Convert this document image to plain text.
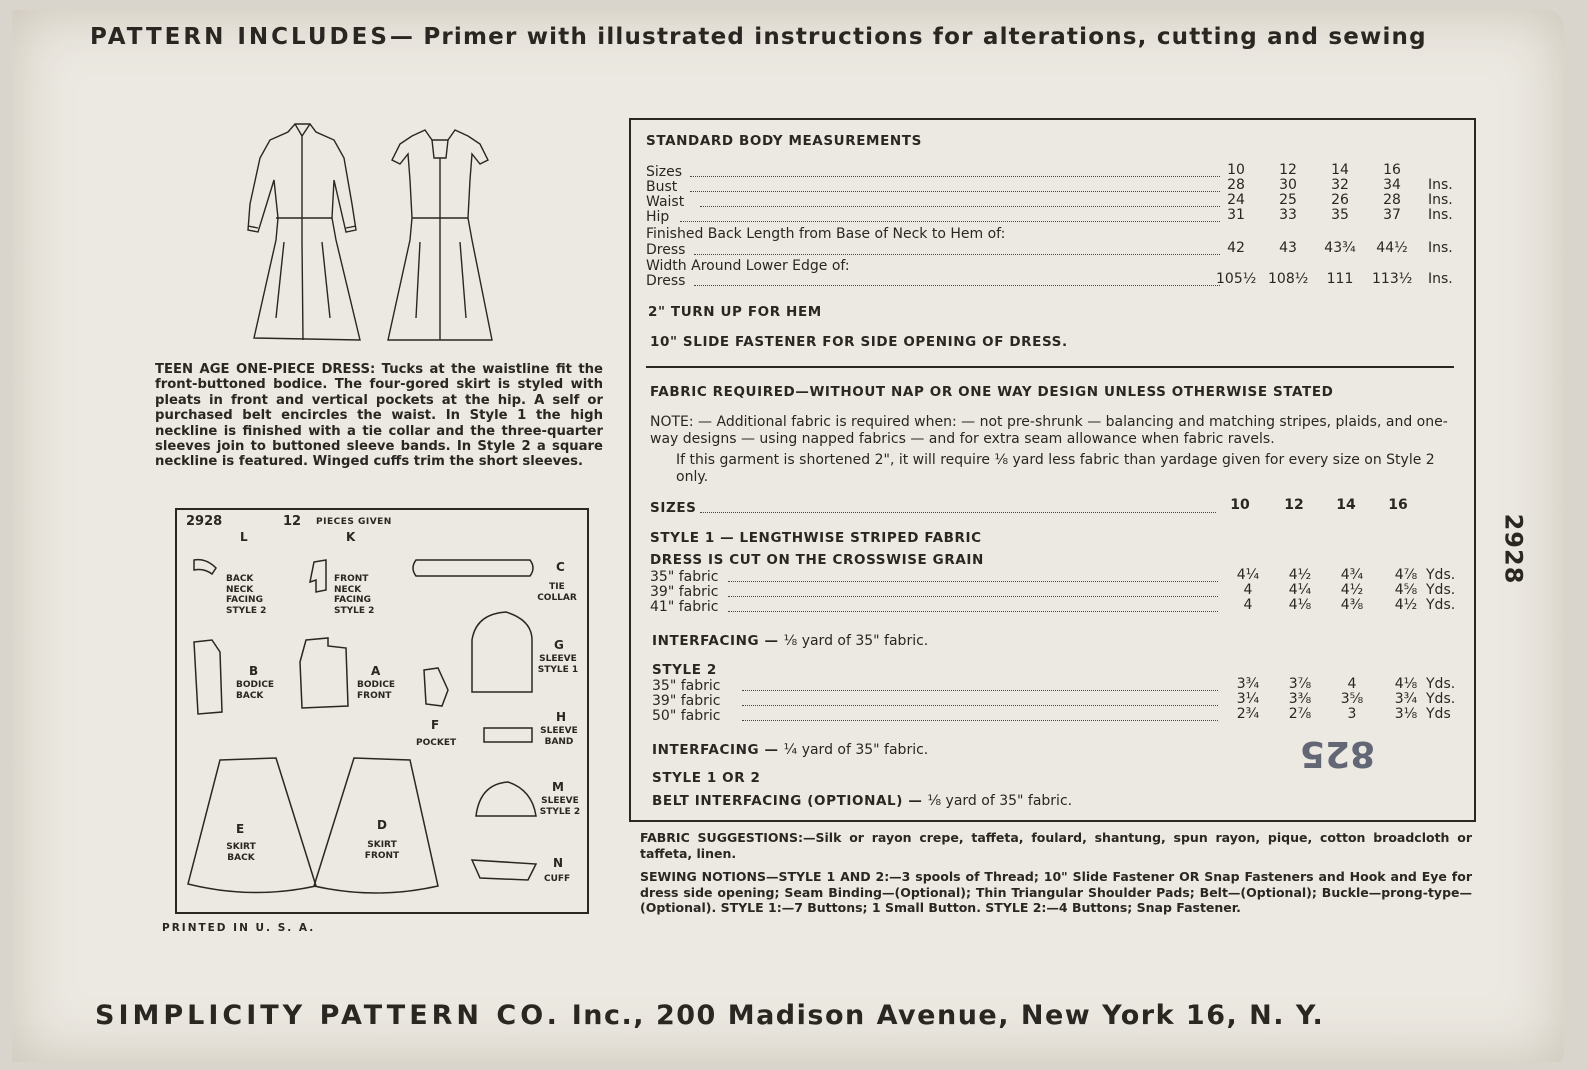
PATTERN INCLUDES— Primer with illustrated instructions for alterations, cutting and sewing
TEEN AGE ONE-PIECE DRESS: Tucks at the waistline fit the front-buttoned bodice. The four-gored skirt is styled with pleats in front and vertical pockets at the hip. A self or purchased belt encircles the waist. In Style 1 the high neckline is finished with a tie collar and the three-quarter sleeves join to buttoned sleeve bands. In Style 2 a square neckline is featured. Winged cuffs trim the short sleeves.
2928	12 PIECES GIVEN
L
BACK NECK FACING STYLE 2
K
FRONT NECK FACING STYLE 2
C
TIE COLLAR
G
SLEEVE STYLE 1
B
BODICE BACK
A
BODICE FRONT
F
POCKET
H
SLEEVE BAND
M
SLEEVE STYLE 2
E
SKIRT BACK
D
SKIRT FRONT
N
CUFF
PRINTED IN U. S. A.
STANDARD BODY MEASUREMENTS
Sizes	10	12	14	16
Bust	28	30	32	34	Ins.
Waist	24	25	26	28	Ins.
Hip	31	33	35	37	Ins.
Finished Back Length from Base of Neck to Hem of:
Dress	42	43	43¾	44½	Ins.
Width Around Lower Edge of:
Dress	105½ 108½	111	113½ Ins.
2" TURN UP FOR HEM
10" SLIDE FASTENER FOR SIDE OPENING OF DRESS.
FABRIC REQUIRED—WITHOUT NAP OR ONE WAY DESIGN UNLESS OTHERWISE STATED
NOTE: — Additional fabric is required when: — not pre-shrunk — balancing and matching stripes, plaids, and one-way designs — using napped fabrics — and for extra seam allowance when fabric ravels.
If this garment is shortened 2", it will require ⅛ yard less fabric than yardage given for every size on Style 2 only.
SIZES	10	12	14	16
STYLE 1 — LENGTHWISE STRIPED FABRIC
DRESS IS CUT ON THE CROSSWISE GRAIN
35" fabric	4¼	4½	4¾	4⅞ Yds.
39" fabric	4	4¼	4½	4⅝ Yds.
41" fabric	4	4⅛	4⅜	4½ Yds.
INTERFACING — ⅛ yard of 35" fabric.
STYLE 2
35" fabric	3¾	3⅞	4	4⅛ Yds.
39" fabric	3¼	3⅜	3⅝	3¾ Yds.
50" fabric	2¾	2⅞	3	3⅛ Yds
INTERFACING — ¼ yard of 35" fabric.
STYLE 1 OR 2
BELT INTERFACING (OPTIONAL) — ⅛ yard of 35" fabric.
825
2928
FABRIC SUGGESTIONS:—Silk or rayon crepe, taffeta, foulard, shantung, spun rayon, pique, cotton broadcloth or taffeta, linen.
SEWING NOTIONS—STYLE 1 AND 2:—3 spools of Thread; 10" Slide Fastener OR Snap Fasteners and Hook and Eye for dress side opening; Seam Binding—(Optional); Thin Triangular Shoulder Pads; Belt—(Optional); Buckle—prong-type—(Optional). STYLE 1:—7 Buttons; 1 Small Button. STYLE 2:—4 Buttons; Snap Fastener.
SIMPLICITY PATTERN CO. Inc., 200 Madison Avenue, New York 16, N. Y.
